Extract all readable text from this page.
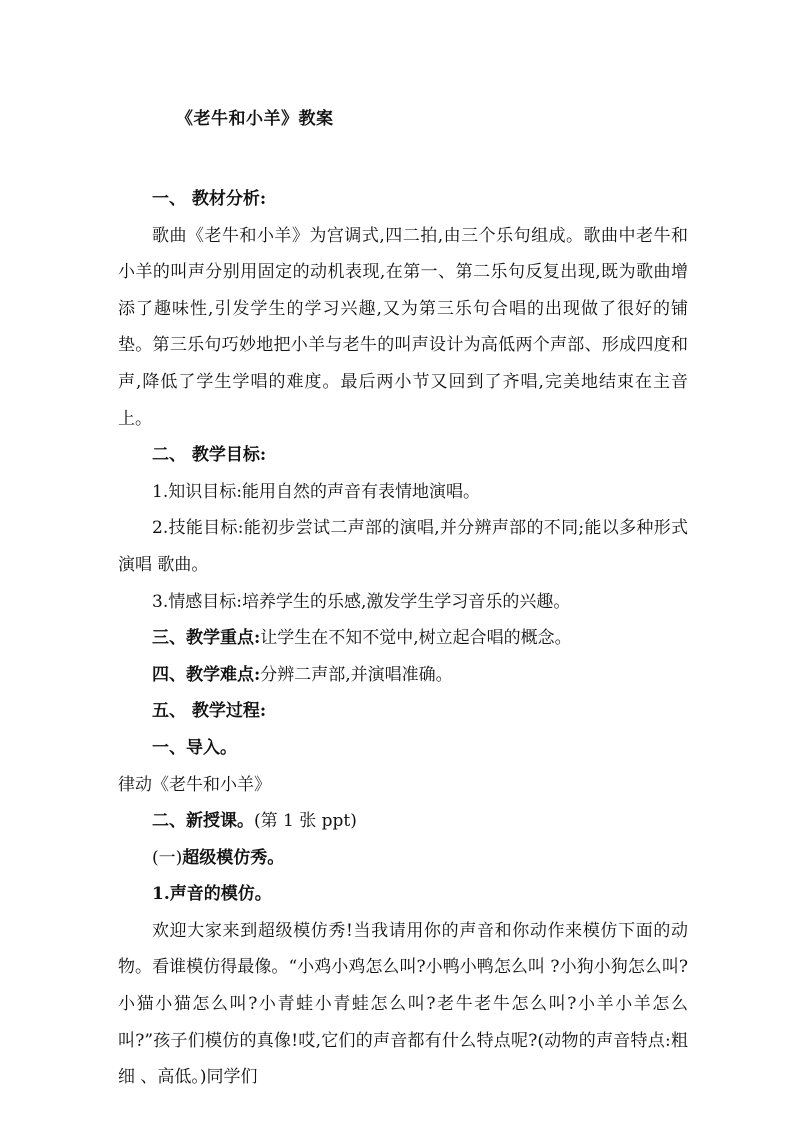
《老牛和小羊》教案

一、 教材分析:

歌曲《老牛和小羊》为宫调式,四二拍,由三个乐句组成。歌曲中老牛和小羊的叫声分别用固定的动机表现,在第一、第二乐句反复出现,既为歌曲增添了趣味性,引发学生的学习兴趣,又为第三乐句合唱的出现做了很好的铺垫。第三乐句巧妙地把小羊与老牛的叫声设计为高低两个声部、形成四度和声,降低了学生学唱的难度。最后两小节又回到了齐唱,完美地结束在主音上。

二、 教学目标:

1.知识目标:能用自然的声音有表情地演唱。

2.技能目标:能初步尝试二声部的演唱,并分辨声部的不同;能以多种形式演唱 歌曲。

3.情感目标:培养学生的乐感,激发学生学习音乐的兴趣。

三、教学重点:让学生在不知不觉中,树立起合唱的概念。

四、教学难点:分辨二声部,并演唱准确。

五、 教学过程:

一、导入。

律动《老牛和小羊》

二、新授课。(第 1 张 ppt)

(一)超级模仿秀。

1.声音的模仿。

欢迎大家来到超级模仿秀!当我请用你的声音和你动作来模仿下面的动物。看谁模仿得最像。“小鸡小鸡怎么叫?小鸭小鸭怎么叫 ?小狗小狗怎么叫?小猫小猫怎么叫?小青蛙小青蛙怎么叫?老牛老牛怎么叫?小羊小羊怎么叫?”孩子们模仿的真像!哎,它们的声音都有什么特点呢?(动物的声音特点:粗细 、高低。)同学们
